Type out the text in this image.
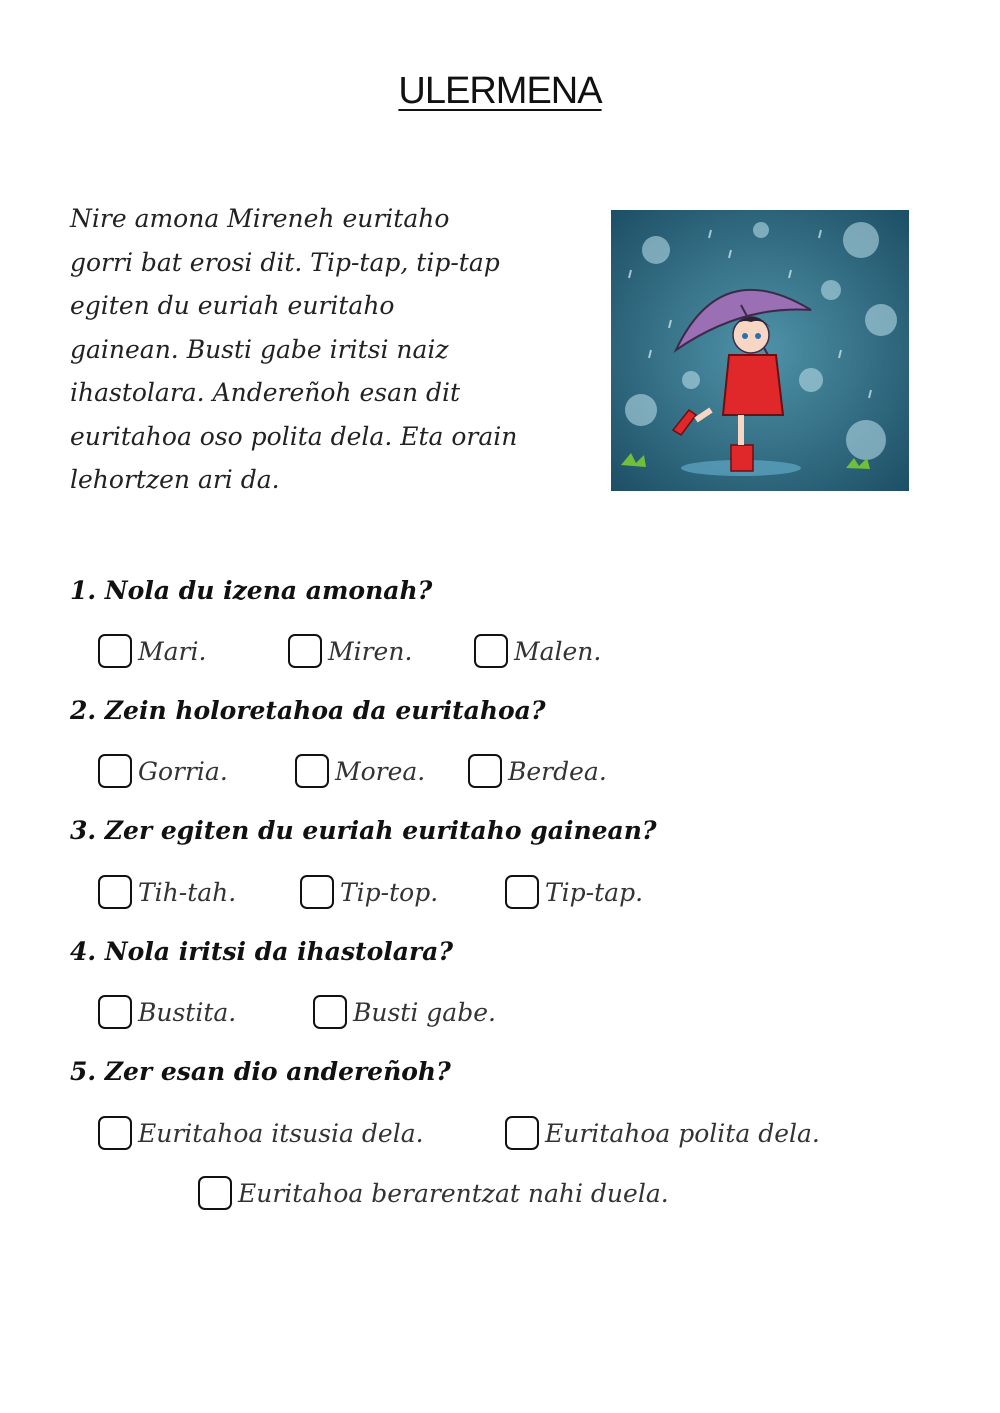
ULERMENA
Nire amona Mireneh euritaho
gorri bat erosi dit. Tip-tap, tip-tap
egiten du euriah euritaho
gainean. Busti gabe iritsi naiz
ihastolara. Andereñoh esan dit
euritahoa oso polita dela. Eta orain
lehortzen ari da.
1. Nola du izena amonah?
Mari.	Miren.	Malen.
2. Zein holoretahoa da euritahoa?
Gorria.	Morea.	Berdea.
3. Zer egiten du euriah euritaho gainean?
Tih-tah.	Tip-top.	Tip-tap.
4. Nola iritsi da ihastolara?
Bustita.	Busti gabe.
5. Zer esan dio andereñoh?
Euritahoa itsusia dela.	Euritahoa polita dela.
Euritahoa berarentzat nahi duela.
